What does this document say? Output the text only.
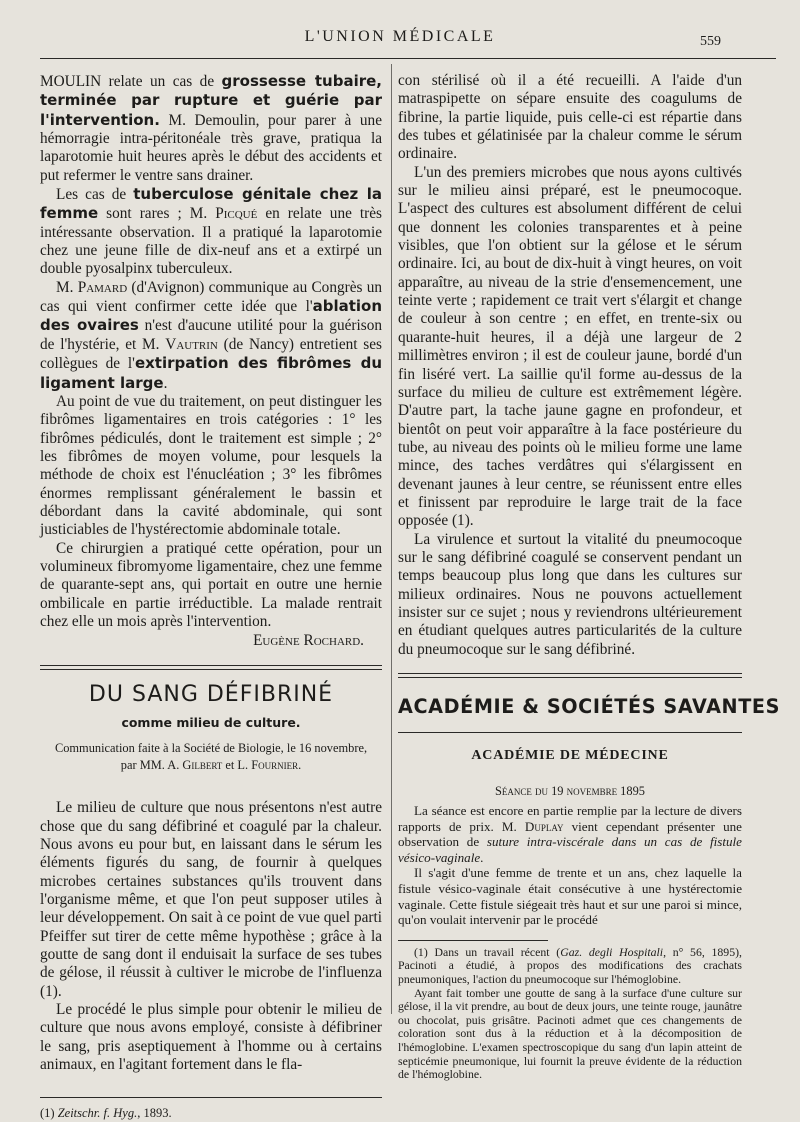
L'UNION MÉDICALE	559

MOULIN relate un cas de grossesse tubaire, terminée par rupture et guérie par l'intervention. M. Demoulin, pour parer à une hémorragie intra-péritonéale très grave, pratiqua la laparotomie huit heures après le début des accidents et put refermer le ventre sans drainer.

Les cas de tuberculose génitale chez la femme sont rares ; M. Picqué en relate une très intéressante observation. Il a pratiqué la laparotomie chez une jeune fille de dix-neuf ans et a extirpé un double pyosalpinx tuberculeux.

M. Pamard (d'Avignon) communique au Congrès un cas qui vient confirmer cette idée que l'ablation des ovaires n'est d'aucune utilité pour la guérison de l'hystérie, et M. Vautrin (de Nancy) entretient ses collègues de l'extirpation des fibrômes du ligament large.

Au point de vue du traitement, on peut distinguer les fibrômes ligamentaires en trois catégories : 1° les fibrômes pédiculés, dont le traitement est simple ; 2° les fibrômes de moyen volume, pour lesquels la méthode de choix est l'énucléation ; 3° les fibrômes énormes remplissant généralement le bassin et débordant dans la cavité abdominale, qui sont justiciables de l'hystérectomie abdominale totale.

Ce chirurgien a pratiqué cette opération, pour un volumineux fibromyome ligamentaire, chez une femme de quarante-sept ans, qui portait en outre une hernie ombilicale en partie irréductible. La malade rentrait chez elle un mois après l'intervention.

Eugène Rochard.

DU SANG DÉFIBRINÉ
comme milieu de culture.
Communication faite à la Société de Biologie, le 16 novembre,
par MM. A. Gilbert et L. Fournier.

Le milieu de culture que nous présentons n'est autre chose que du sang défibriné et coagulé par la chaleur. Nous avons eu pour but, en laissant dans le sérum les éléments figurés du sang, de fournir à quelques microbes certaines substances qu'ils trouvent dans l'organisme même, et que l'on peut supposer utiles à leur développement. On sait à ce point de vue quel parti Pfeiffer sut tirer de cette même hypothèse ; grâce à la goutte de sang dont il enduisait la surface de ses tubes de gélose, il réussit à cultiver le microbe de l'influenza (1).

Le procédé le plus simple pour obtenir le milieu de culture que nous avons employé, consiste à défibriner le sang, pris aseptiquement à l'homme ou à certains animaux, en l'agitant fortement dans le fla-

(1) Zeitschr. f. Hyg., 1893.

con stérilisé où il a été recueilli. A l'aide d'un matraspipette on sépare ensuite des coagulums de fibrine, la partie liquide, puis celle-ci est répartie dans des tubes et gélatinisée par la chaleur comme le sérum ordinaire.

L'un des premiers microbes que nous ayons cultivés sur le milieu ainsi préparé, est le pneumocoque. L'aspect des cultures est absolument différent de celui que donnent les colonies transparentes et à peine visibles, que l'on obtient sur la gélose et le sérum ordinaire. Ici, au bout de dix-huit à vingt heures, on voit apparaître, au niveau de la strie d'ensemencement, une teinte verte ; rapidement ce trait vert s'élargit et change de couleur à son centre ; en effet, en trente-six ou quarante-huit heures, il a déjà une largeur de 2 millimètres environ ; il est de couleur jaune, bordé d'un fin liséré vert. La saillie qu'il forme au-dessus de la surface du milieu de culture est extrêmement légère. D'autre part, la tache jaune gagne en profondeur, et bientôt on peut voir apparaître à la face postérieure du tube, au niveau des points où le milieu forme une lame mince, des taches verdâtres qui s'élargissent en devenant jaunes à leur centre, se réunissent entre elles et finissent par reproduire le large trait de la face opposée (1).

La virulence et surtout la vitalité du pneumocoque sur le sang défibriné coagulé se conservent pendant un temps beaucoup plus long que dans les cultures sur milieux ordinaires. Nous ne pouvons actuellement insister sur ce sujet ; nous y reviendrons ultérieurement en étudiant quelques autres particularités de la culture du pneumocoque sur le sang défibriné.

ACADÉMIE & SOCIÉTÉS SAVANTES
ACADÉMIE DE MÉDECINE
Séance du 19 novembre 1895

La séance est encore en partie remplie par la lecture de divers rapports de prix. M. Duplay vient cependant présenter une observation de suture intra-viscérale dans un cas de fistule vésico-vaginale.

Il s'agit d'une femme de trente et un ans, chez laquelle la fistule vésico-vaginale était consécutive à une hystérectomie vaginale. Cette fistule siégeait très haut et sur une paroi si mince, qu'on voulait intervenir par le procédé

(1) Dans un travail récent (Gaz. degli Hospitali, n° 56, 1895), Pacinoti a étudié, à propos des modifications des crachats pneumoniques, l'action du pneumocoque sur l'hémoglobine.

Ayant fait tomber une goutte de sang à la surface d'une culture sur gélose, il la vit prendre, au bout de deux jours, une teinte rouge, jaunâtre ou chocolat, puis grisâtre. Pacinoti admet que ces changements de coloration sont dus à la réduction et à la décomposition de l'hémoglobine. L'examen spectroscopique du sang d'un lapin atteint de septicémie pneumonique, lui fournit la preuve évidente de la réduction de l'hémoglobine.
